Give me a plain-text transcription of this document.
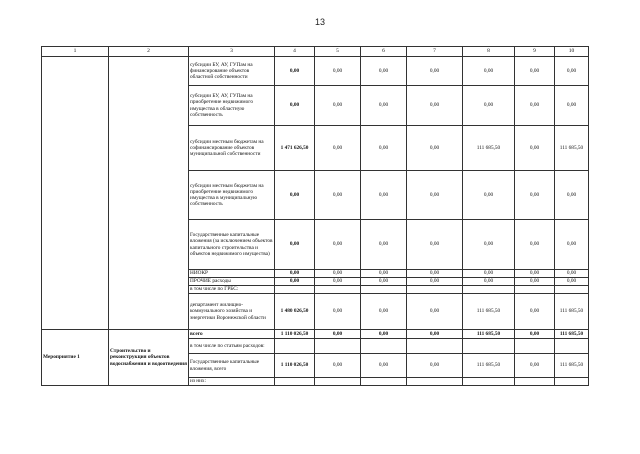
13
1	2	3	4	5	6	7	8	9	10
		субсидии БУ, АУ, ГУПам на финансирование объектов областной собственности	0,00	0,00	0,00	0,00	0,00	0,00	0,00
		субсидии БУ, АУ, ГУПам на приобретение недвижимого имущества в областную собственность	0,00	0,00	0,00	0,00	0,00	0,00	0,00
		субсидии местным бюджетам на софинансирование объектов муниципальной собственности	1 471 626,50	0,00	0,00	0,00	111 685,50	0,00	111 685,50
		субсидии местным бюджетам на приобретение недвижимого имущества в муниципальную собственность	0,00	0,00	0,00	0,00	0,00	0,00	0,00
		Государственные капитальные вложения (за исключением объектов капитального строительства и объектов недвижимого имущества)	0,00	0,00	0,00	0,00	0,00	0,00	0,00
		НИОКР	0,00	0,00	0,00	0,00	0,00	0,00	0,00
		ПРОЧИЕ расходы	0,00	0,00	0,00	0,00	0,00	0,00	0,00
		в том числе по ГРБС:							
		департамент жилищно-коммунального хозяйства и энергетики Воронежской области	1 480 026,50	0,00	0,00	0,00	111 685,50	0,00	111 685,50
Мероприятие 1	Строительство и реконструкция объектов водоснабжения и водоотведения	всего	1 110 026,50	0,00	0,00	0,00	111 685,50	0,00	111 685,50
		в том числе по статьям расходов:							
		Государственные капитальные вложения, всего	1 110 026,50	0,00	0,00	0,00	111 685,50	0,00	111 685,50
		из них:							
